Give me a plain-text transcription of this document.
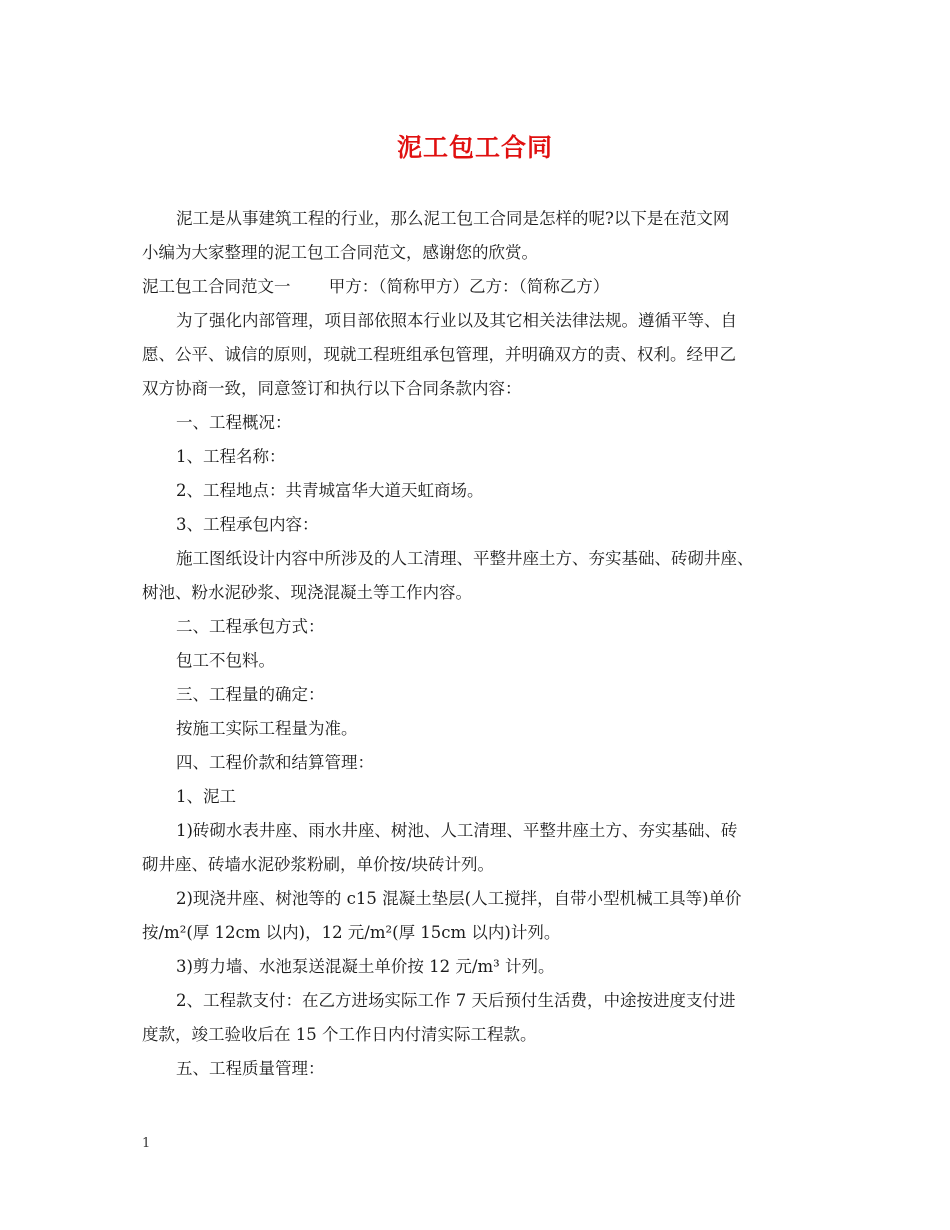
泥工包工合同
泥工是从事建筑工程的行业，那么泥工包工合同是怎样的呢?以下是在范文网
小编为大家整理的泥工包工合同范文，感谢您的欣赏。
泥工包工合同范文一　　 甲方：（简称甲方）乙方：（简称乙方）
为了强化内部管理，项目部依照本行业以及其它相关法律法规。遵循平等、自
愿、公平、诚信的原则，现就工程班组承包管理，并明确双方的责、权利。经甲乙
双方协商一致，同意签订和执行以下合同条款内容：
一、工程概况：
1、工程名称：
2、工程地点：共青城富华大道天虹商场。
3、工程承包内容：
施工图纸设计内容中所涉及的人工清理、平整井座土方、夯实基础、砖砌井座、
树池、粉水泥砂浆、现浇混凝土等工作内容。
二、工程承包方式：
包工不包料。
三、工程量的确定：
按施工实际工程量为准。
四、工程价款和结算管理：
1、泥工
1)砖砌水表井座、雨水井座、树池、人工清理、平整井座土方、夯实基础、砖
砌井座、砖墙水泥砂浆粉刷，单价按/块砖计列。
2)现浇井座、树池等的 c15 混凝土垫层(人工搅拌，自带小型机械工具等)单价
按/m²(厚 12cm 以内)，12 元/m²(厚 15cm 以内)计列。
3)剪力墙、水池泵送混凝土单价按 12 元/m³ 计列。
2、工程款支付：在乙方进场实际工作 7 天后预付生活费，中途按进度支付进
度款，竣工验收后在 15 个工作日内付清实际工程款。
五、工程质量管理：
1
